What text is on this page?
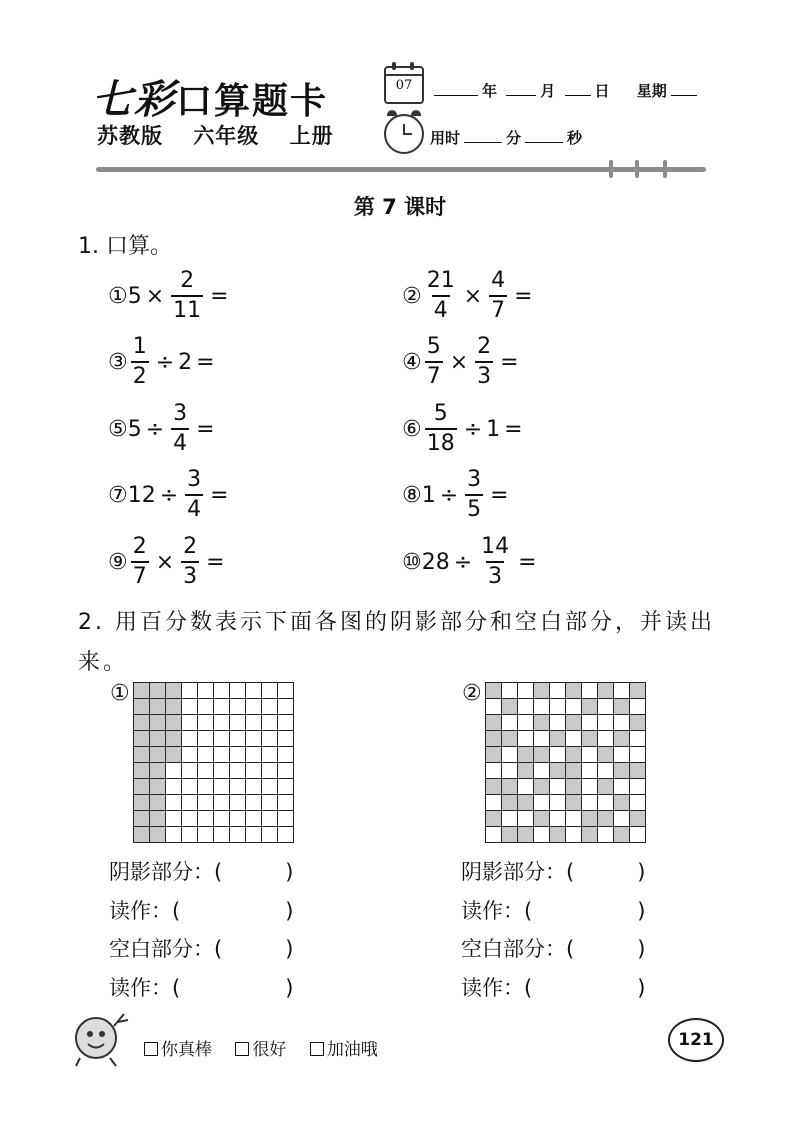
七彩口算题卡
苏教版 六年级 上册
07	年	月	日 星期
用时	分	秒
第 7 课时
1. 口算。
① $5 \times \frac{2}{11}$ =	② $\frac{21}{4} \times \frac{4}{7}$ =
③ $\frac{1}{2} \div 2$ =	④ $\frac{5}{7} \times \frac{2}{3}$ =
⑤ $5 \div \frac{3}{4}$ =	⑥ $\frac{5}{18} \div 1$ =
⑦ $12 \div \frac{3}{4}$ =	⑧ $1 \div \frac{3}{5}$ =
⑨ $\frac{2}{7} \times \frac{2}{3}$ =	⑩ $28 \div \frac{14}{3}$ =
2. 用百分数表示下面各图的阴影部分和空白部分，并读出来。
①
阴影部分：(　　　)
读作：(　　　　　)
空白部分：(　　　)
读作：(　　　　　)
②
阴影部分：(　　　)
读作：(　　　　　)
空白部分：(　　　)
读作：(　　　　　)
你真棒 很好 加油哦	121
